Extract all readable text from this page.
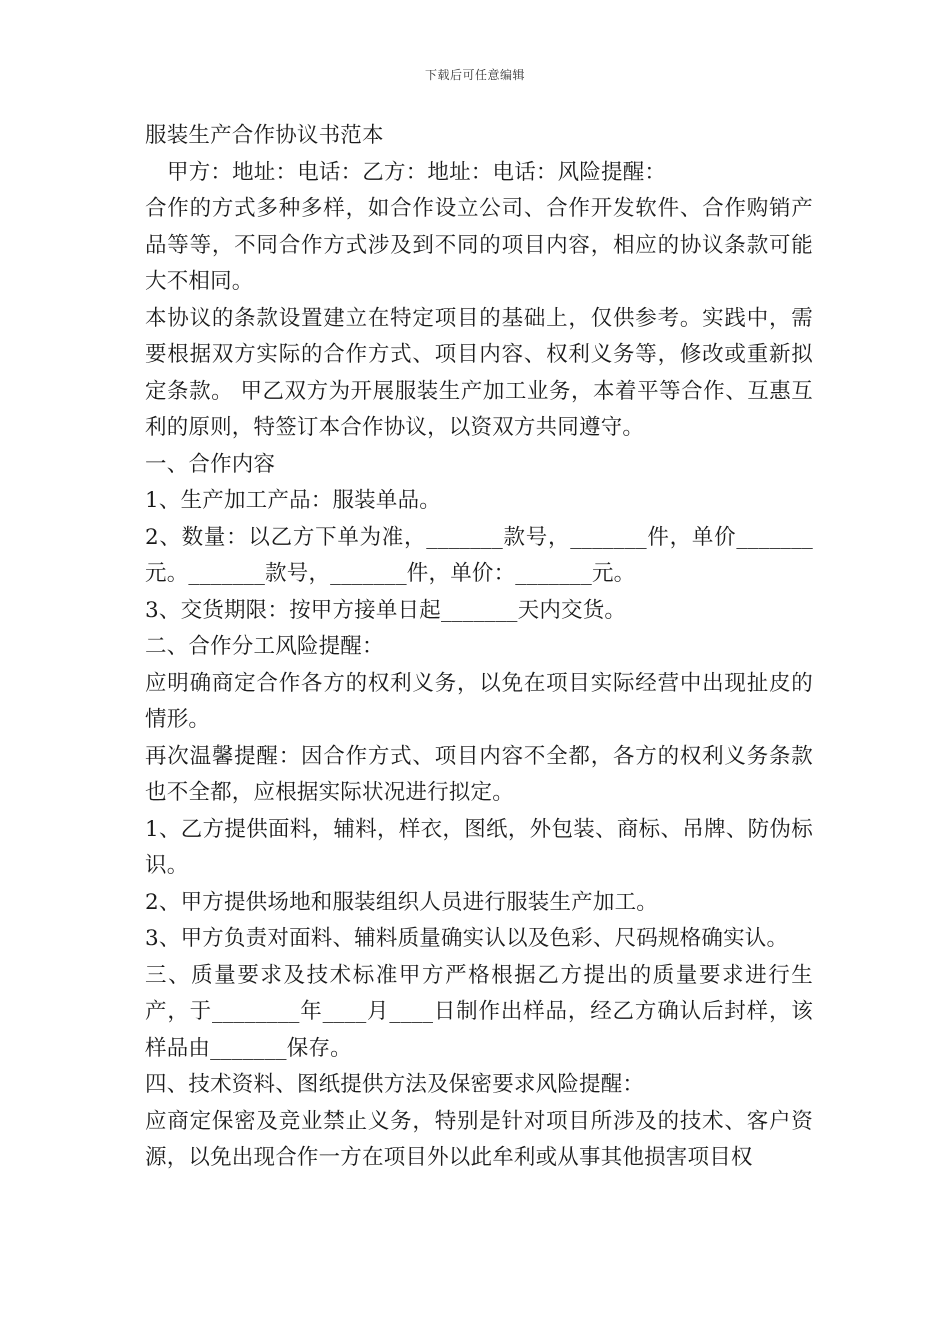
下载后可任意编辑

服装生产合作协议书范本

甲方：地址：电话：乙方：地址：电话：风险提醒：

合作的方式多种多样，如合作设立公司、合作开发软件、合作购销产品等等，不同合作方式涉及到不同的项目内容，相应的协议条款可能大不相同。

本协议的条款设置建立在特定项目的基础上，仅供参考。实践中，需要根据双方实际的合作方式、项目内容、权利义务等，修改或重新拟定条款。 甲乙双方为开展服装生产加工业务，本着平等合作、互惠互利的原则，特签订本合作协议，以资双方共同遵守。

一、合作内容

1、生产加工产品：服装单品。

2、数量：以乙方下单为准，_______款号，_______件，单价_______元。_______款号，_______件，单价：_______元。

3、交货期限：按甲方接单日起_______天内交货。

二、合作分工风险提醒：

应明确商定合作各方的权利义务，以免在项目实际经营中出现扯皮的情形。

再次温馨提醒：因合作方式、项目内容不全都，各方的权利义务条款也不全都，应根据实际状况进行拟定。

1、乙方提供面料，辅料，样衣，图纸，外包装、商标、吊牌、防伪标识。

2、甲方提供场地和服装组织人员进行服装生产加工。

3、甲方负责对面料、辅料质量确实认以及色彩、尺码规格确实认。

三、质量要求及技术标准甲方严格根据乙方提出的质量要求进行生产，于________年____月____日制作出样品，经乙方确认后封样，该样品由_______保存。

四、技术资料、图纸提供方法及保密要求风险提醒：

应商定保密及竞业禁止义务，特别是针对项目所涉及的技术、客户资源，以免出现合作一方在项目外以此牟利或从事其他损害项目权
